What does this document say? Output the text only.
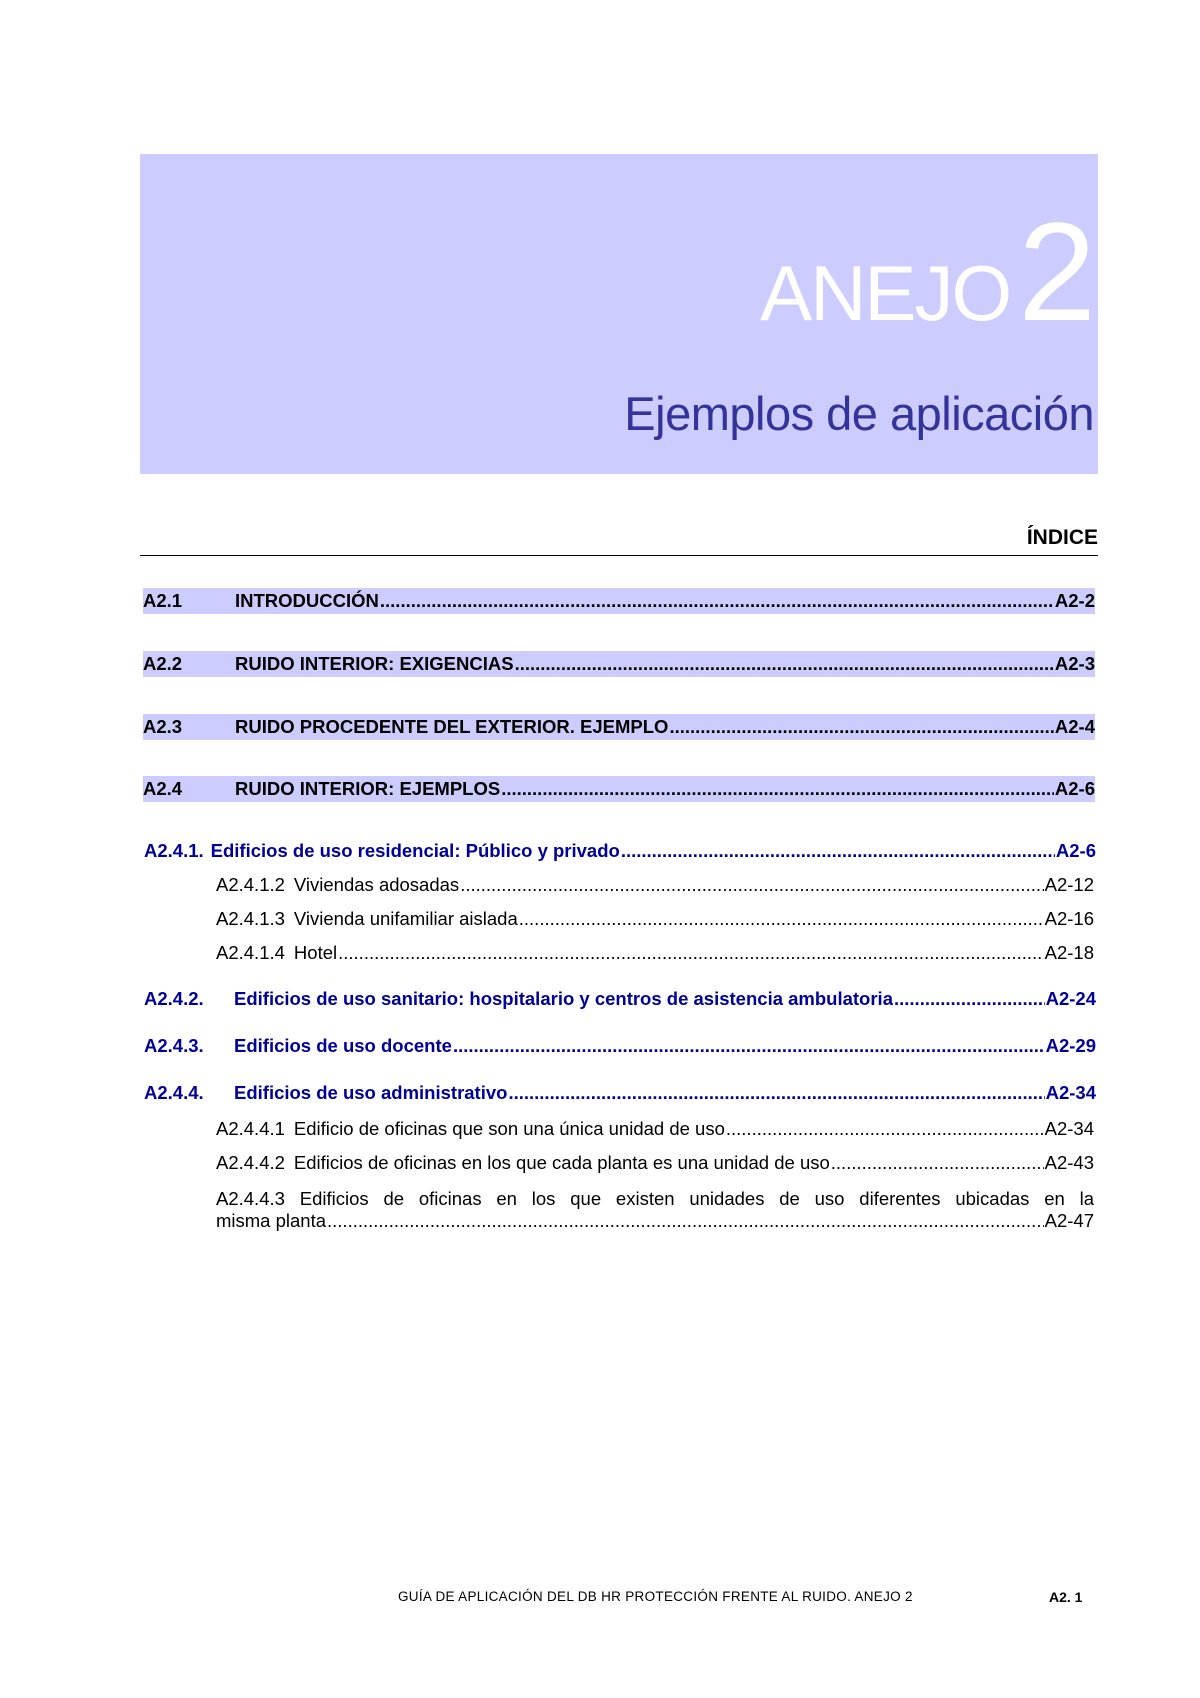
ANEJO2
Ejemplos de aplicación
ÍNDICE
A2.1	INTRODUCCIÓN .....	A2-2
A2.2	RUIDO INTERIOR: EXIGENCIAS .....	A2-3
A2.3	RUIDO PROCEDENTE DEL EXTERIOR. EJEMPLO .....	A2-4
A2.4	RUIDO INTERIOR: EJEMPLOS .....	A2-6
A2.4.1. Edificios de uso residencial: Público y privado .....	A2-6
A2.4.1.2 Viviendas adosadas .....	A2-12
A2.4.1.3 Vivienda unifamiliar aislada .....	A2-16
A2.4.1.4 Hotel .....	A2-18
A2.4.2.	Edificios de uso sanitario: hospitalario y centros de asistencia ambulatoria .....	A2-24
A2.4.3.	Edificios de uso docente .....	A2-29
A2.4.4.	Edificios de uso administrativo .....	A2-34
A2.4.4.1 Edificio de oficinas que son una única unidad de uso .....	A2-34
A2.4.4.2 Edificios de oficinas en los que cada planta es una unidad de uso .....	A2-43
A2.4.4.3 Edificios de oficinas en los que existen unidades de uso diferentes ubicadas en la
misma planta .....	A2-47
GUÍA DE APLICACIÓN DEL DB HR PROTECCIÓN FRENTE AL RUIDO. ANEJO 2	A2. 1
